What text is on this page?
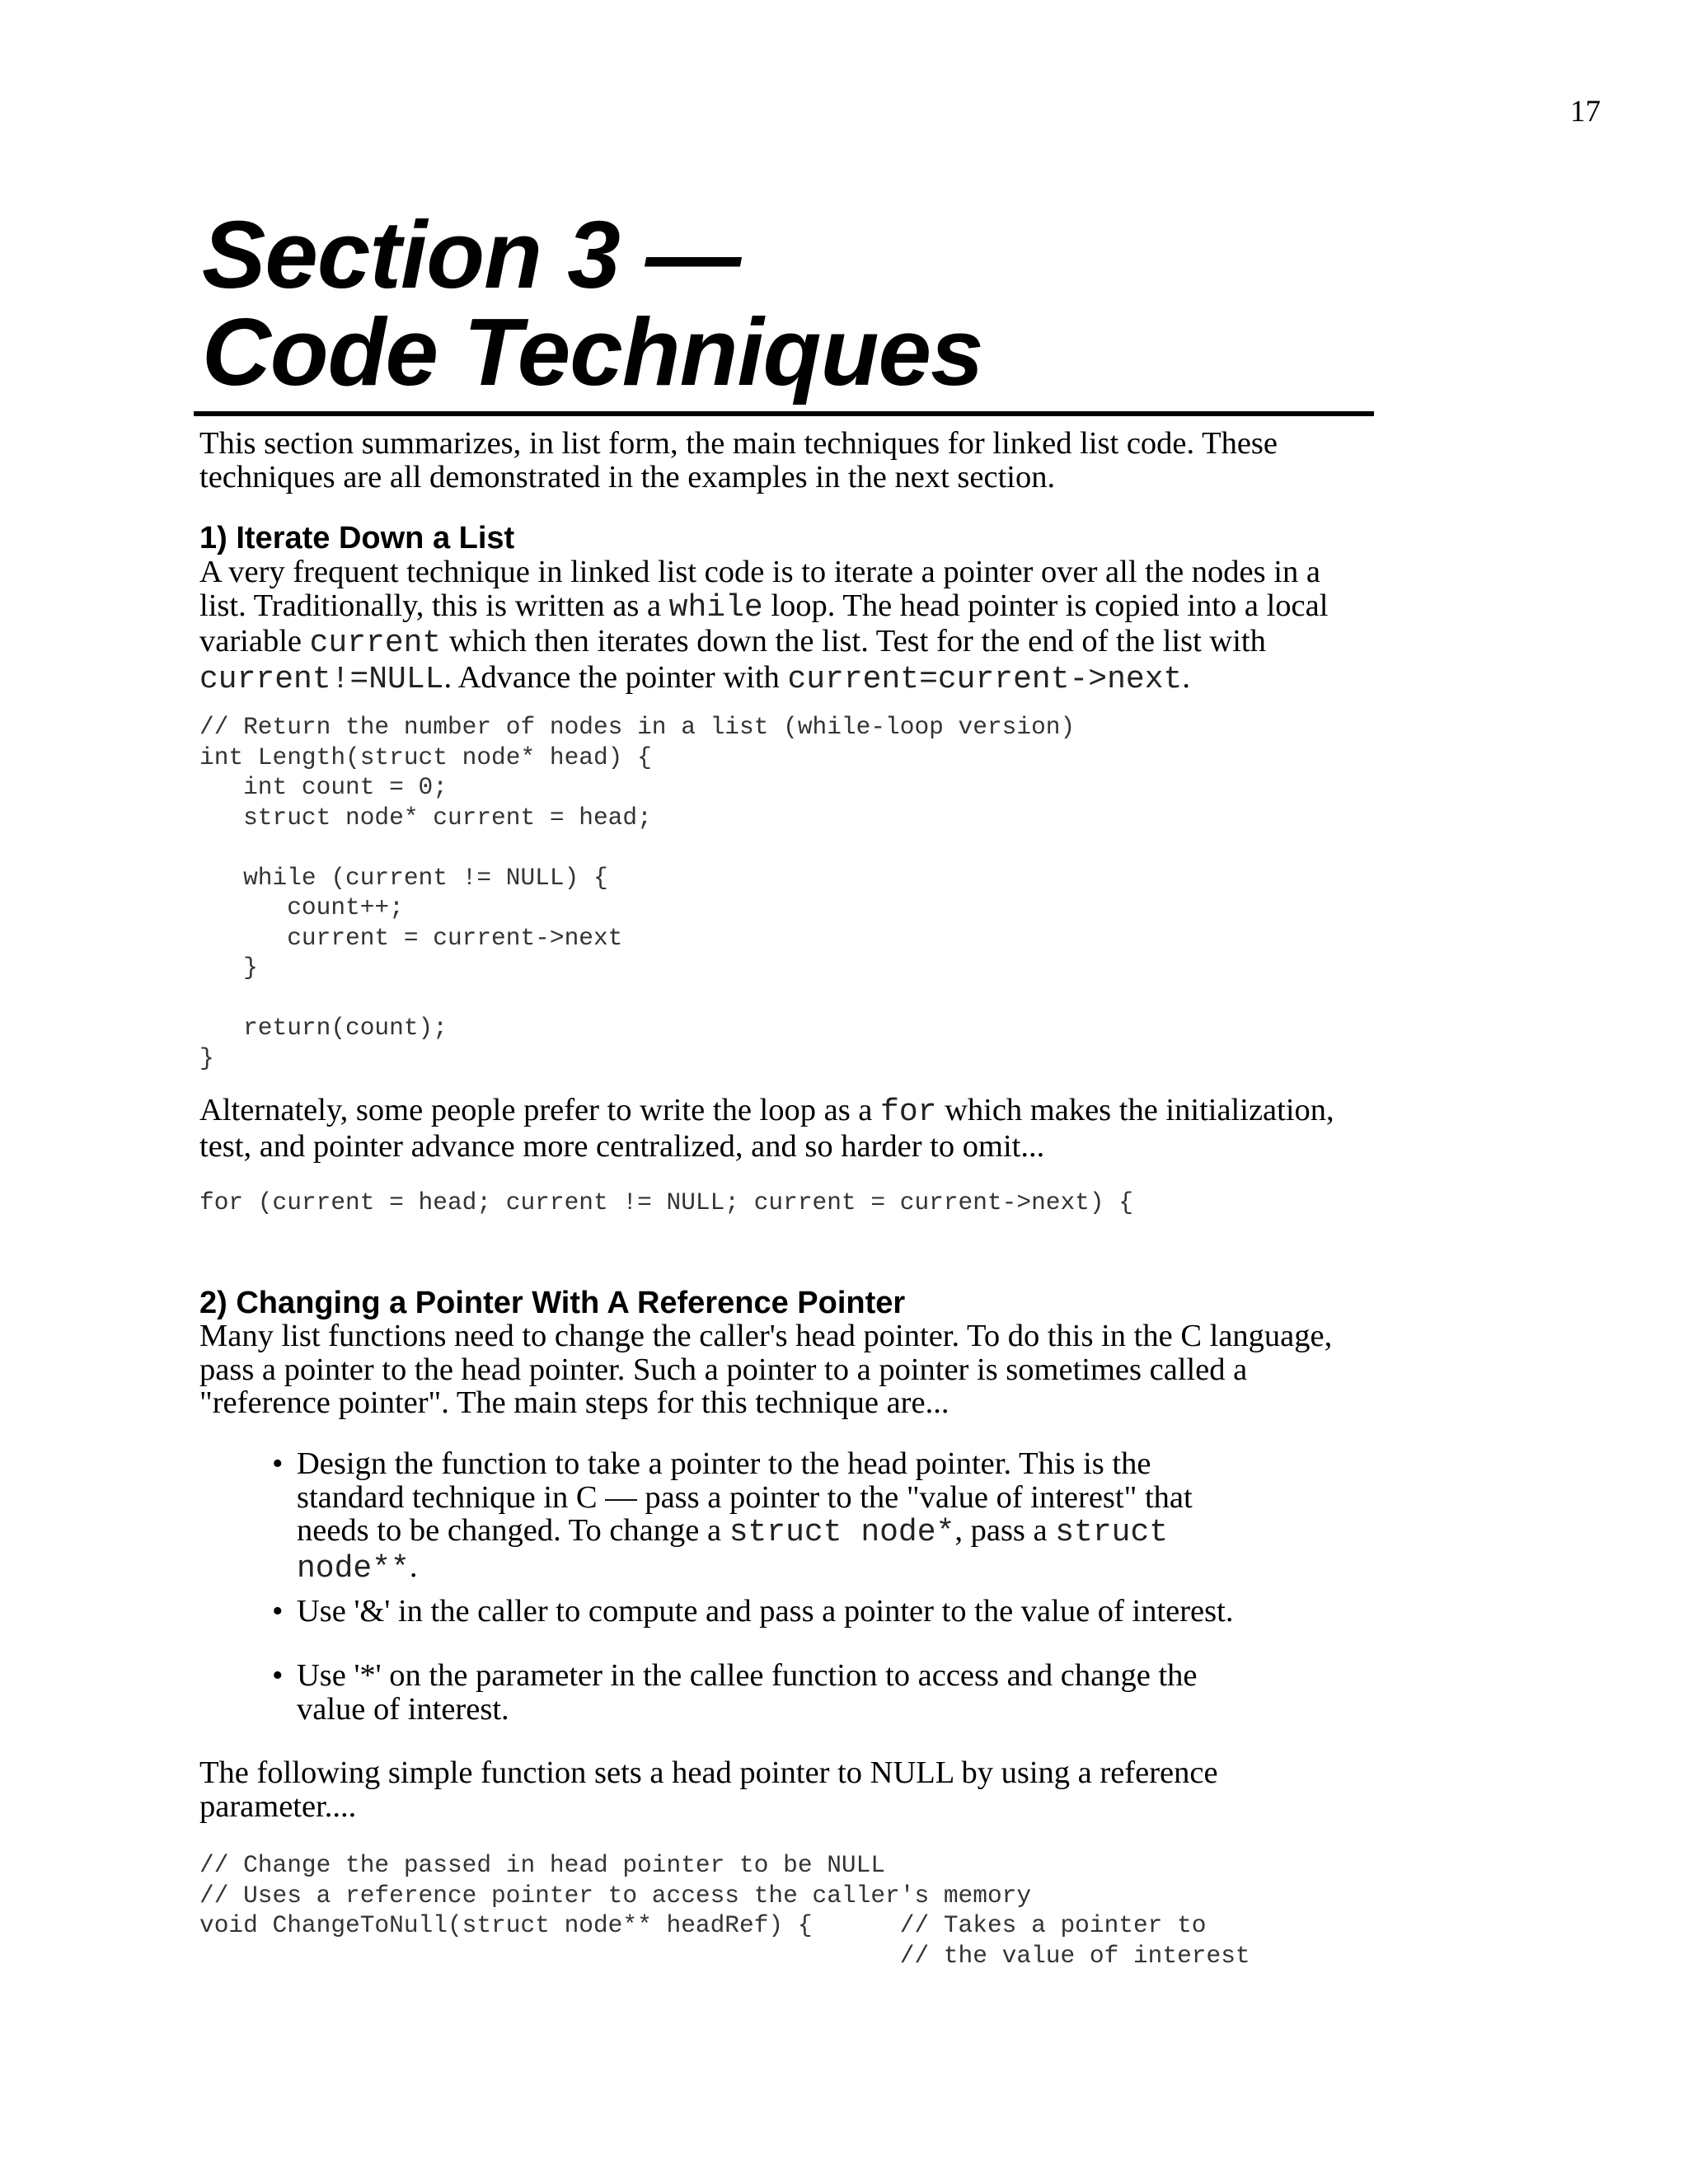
17
Section 3 —
Code Techniques

This section summarizes, in list form, the main techniques for linked list code. These

techniques are all demonstrated in the examples in the next section.

1) Iterate Down a List

A very frequent technique in linked list code is to iterate a pointer over all the nodes in a

list. Traditionally, this is written as a while loop. The head pointer is copied into a local

variable current which then iterates down the list. Test for the end of the list with

current!=NULL. Advance the pointer with current=current->next.

// Return the number of nodes in a list (while-loop version)
int Length(struct node* head) {
int count = 0;
struct node* current = head;

while (current != NULL) {
count++;
current = current->next
}

return(count);
}

Alternately, some people prefer to write the loop as a for which makes the initialization,

test, and pointer advance more centralized, and so harder to omit...

for (current = head; current != NULL; current = current->next) {
2) Changing a Pointer With A Reference Pointer

Many list functions need to change the caller's head pointer. To do this in the C language,

pass a pointer to the head pointer. Such a pointer to a pointer is sometimes called a

"reference pointer". The main steps for this technique are...

• Design the function to take a pointer to the head pointer. This is the
standard technique in C — pass a pointer to the "value of interest" that
needs to be changed. To change a struct node*, pass a struct
node**.
• Use '&' in the caller to compute and pass a pointer to the value of interest.
• Use '*' on the parameter in the callee function to access and change the
value of interest.

The following simple function sets a head pointer to NULL by using a reference

parameter....

// Change the passed in head pointer to be NULL
// Uses a reference pointer to access the caller's memory
void ChangeToNull(struct node** headRef) {      // Takes a pointer to
// the value of interest
